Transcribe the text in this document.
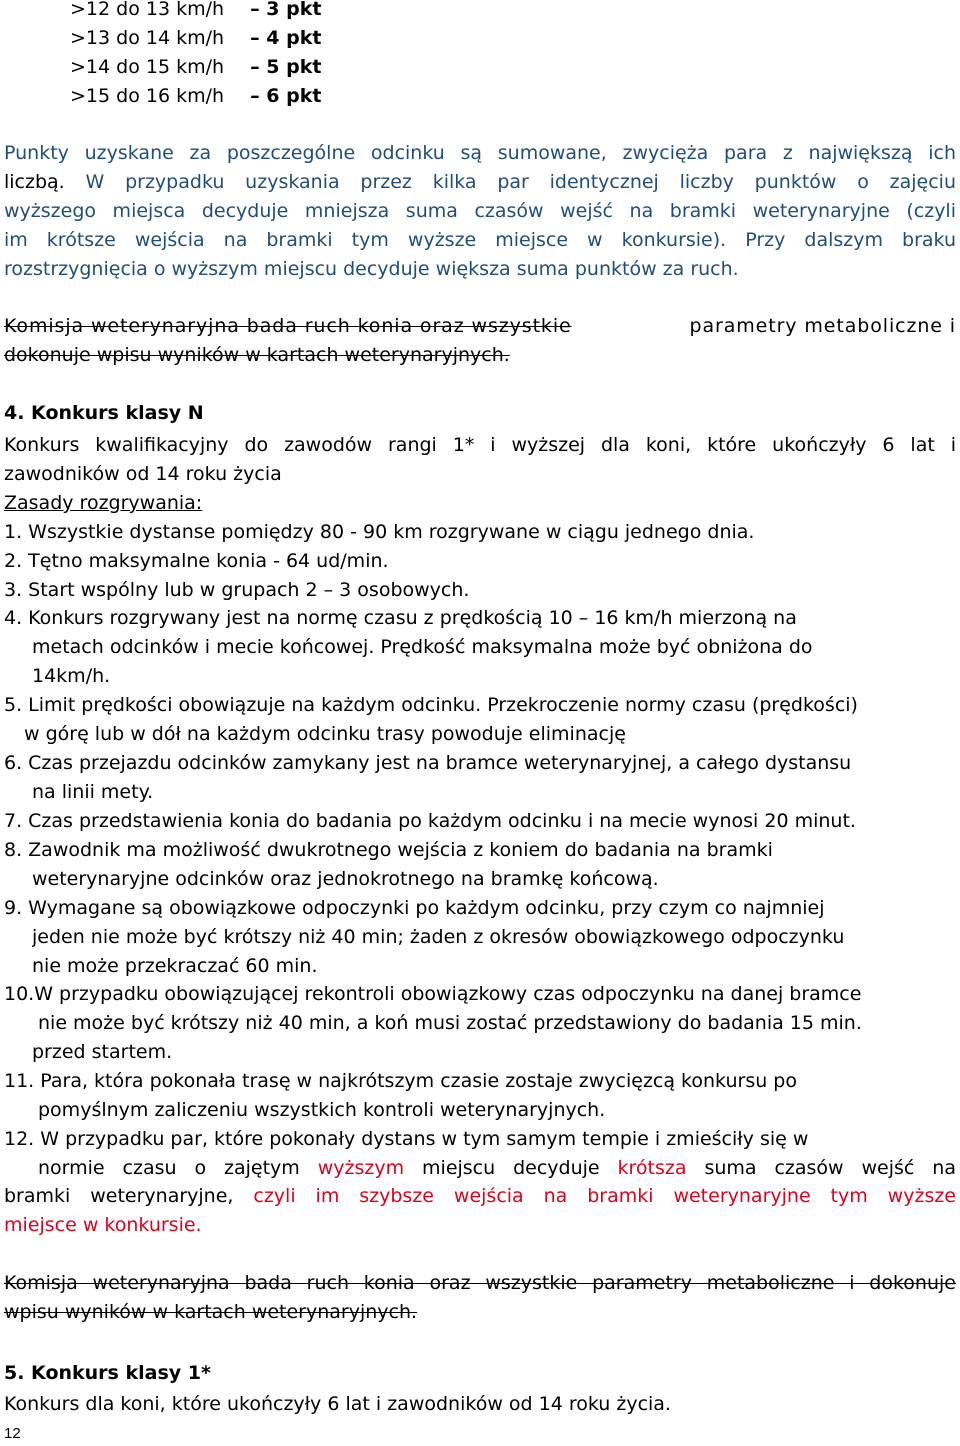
>12 do 13 km/h – 3 pkt
>13 do 14 km/h – 4 pkt
>14 do 15 km/h – 5 pkt
>15 do 16 km/h – 6 pkt
Punkty uzyskane za poszczególne odcinku są sumowane, zwycięża para z największą ich
liczbą. W przypadku uzyskania przez kilka par identycznej liczby punktów o zajęciu
wyższego miejsca decyduje mniejsza suma czasów wejść na bramki weterynaryjne (czyli
im krótsze wejścia na bramki tym wyższe miejsce w konkursie). Przy dalszym braku
rozstrzygnięcia o wyższym miejscu decyduje większa suma punktów za ruch.
Komisja weterynaryjna bada ruch konia oraz wszystkie	parametry metaboliczne i
dokonuje wpisu wyników w kartach weterynaryjnych.
4. Konkurs klasy N
Konkurs kwalifikacyjny do zawodów rangi 1* i wyższej dla koni, które ukończyły 6 lat i
zawodników od 14 roku życia
Zasady rozgrywania:
1. Wszystkie dystanse pomiędzy 80 - 90 km rozgrywane w ciągu jednego dnia.
2. Tętno maksymalne konia - 64 ud/min.
3. Start wspólny lub w grupach 2 – 3 osobowych.
4. Konkurs rozgrywany jest na normę czasu z prędkością 10 – 16 km/h mierzoną na
metach odcinków i mecie końcowej. Prędkość maksymalna może być obniżona do
14km/h.
5. Limit prędkości obowiązuje na każdym odcinku. Przekroczenie normy czasu (prędkości)
w górę lub w dół na każdym odcinku trasy powoduje eliminację
6. Czas przejazdu odcinków zamykany jest na bramce weterynaryjnej, a całego dystansu
na linii mety.
7. Czas przedstawienia konia do badania po każdym odcinku i na mecie wynosi 20 minut.
8. Zawodnik ma możliwość dwukrotnego wejścia z koniem do badania na bramki
weterynaryjne odcinków oraz jednokrotnego na bramkę końcową.
9. Wymagane są obowiązkowe odpoczynki po każdym odcinku, przy czym co najmniej
jeden nie może być krótszy niż 40 min; żaden z okresów obowiązkowego odpoczynku
nie może przekraczać 60 min.
10.W przypadku obowiązującej rekontroli obowiązkowy czas odpoczynku na danej bramce
nie może być krótszy niż 40 min, a koń musi zostać przedstawiony do badania 15 min.
przed startem.
11. Para, która pokonała trasę w najkrótszym czasie zostaje zwycięzcą konkursu po
pomyślnym zaliczeniu wszystkich kontroli weterynaryjnych.
12. W przypadku par, które pokonały dystans w tym samym tempie i zmieściły się w
normie czasu o zajętym wyższym miejscu decyduje krótsza suma czasów wejść na
bramki weterynaryjne, czyli im szybsze wejścia na bramki weterynaryjne tym wyższe
miejsce w konkursie.
Komisja weterynaryjna bada ruch konia oraz wszystkie parametry metaboliczne i dokonuje
wpisu wyników w kartach weterynaryjnych.
5. Konkurs klasy 1*
Konkurs dla koni, które ukończyły 6 lat i zawodników od 14 roku życia.
12
